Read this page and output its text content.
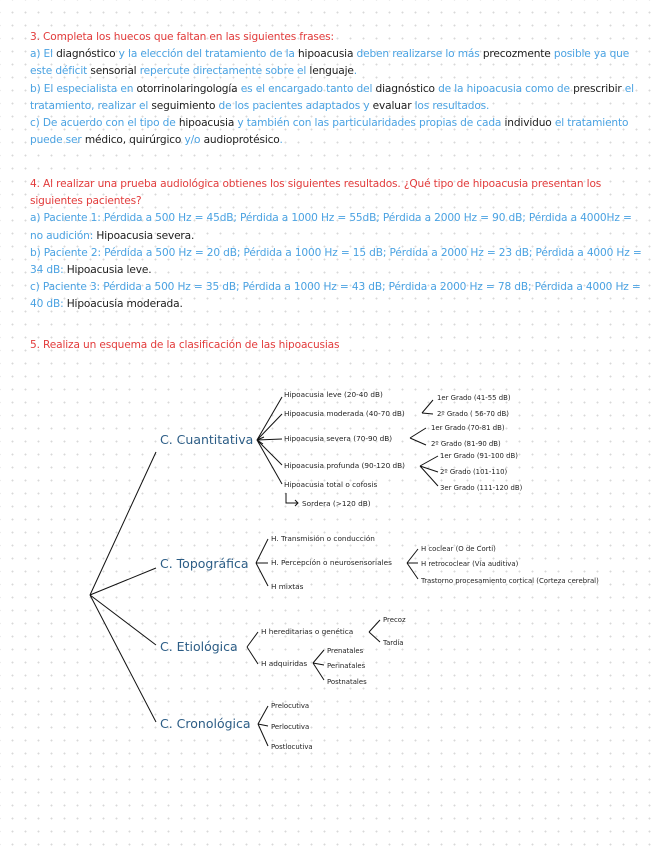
3. Completa los huecos que faltan en las siguientes frases:

a) El diagnóstico y la elección del tratamiento de la hipoacusia deben realizarse lo más precozmente posible ya que este déficit sensorial repercute directamente sobre el lenguaje.

b) El especialista en otorrinolaringología es el encargado tanto del diagnóstico de la hipoacusia como de prescribir el tratamiento, realizar el seguimiento de los pacientes adaptados y evaluar los resultados.

c) De acuerdo con el tipo de hipoacusia y también con las particularidades propias de cada individuo el tratamiento puede ser médico, quirúrgico y/o audioprotésico.

4. Al realizar una prueba audiológica obtienes los siguientes resultados. ¿Qué tipo de hipoacusia presentan los siguientes pacientes?

a) Paciente 1: Pérdida a 500 Hz = 45dB; Pérdida a 1000 Hz = 55dB; Pérdida a 2000 Hz = 90 dB; Pérdida a 4000Hz = no audición: Hipoacusia severa.

b) Paciente 2: Pérdida a 500 Hz = 20 dB; Pérdida a 1000 Hz = 15 dB; Pérdida a 2000 Hz = 23 dB; Pérdida a 4000 Hz = 34 dB: Hipoacusia leve.

c) Paciente 3: Pérdida a 500 Hz = 35 dB; Pérdida a 1000 Hz = 43 dB; Pérdida a 2000 Hz = 78 dB; Pérdida a 4000 Hz = 40 dB: Hipoacusia moderada.

5. Realiza un esquema de la clasificación de las hipoacusias

C. Cuantitativa
Hipoacusia leve (20-40 dB)
Hipoacusia moderada (40-70 dB)
1er Grado (41-55 dB)
2º Grado ( 56-70 dB)
Hipoacusia severa (70-90 dB)
1er Grado (70-81 dB)
2º Grado (81-90 dB)
Hipoacusia profunda (90-120 dB)
1er Grado (91-100 dB)
2º Grado (101-110)
3er Grado (111-120 dB)
Hipoacusia total o cofosis
Sordera (>120 dB)
C. Topográfica
H. Transmisión o conducción
H. Percepción o neurosensoriales
H coclear (O de Corti)
H retrococlear (Vía auditiva)
Trastorno procesamiento cortical (Corteza cerebral)
H mixtas
C. Etiológica
H hereditarias o genética
Precoz
Tardía
H adquiridas
Prenatales
Perinatales
Postnatales
C. Cronológica
Prelocutiva
Perlocutiva
Postlocutiva
